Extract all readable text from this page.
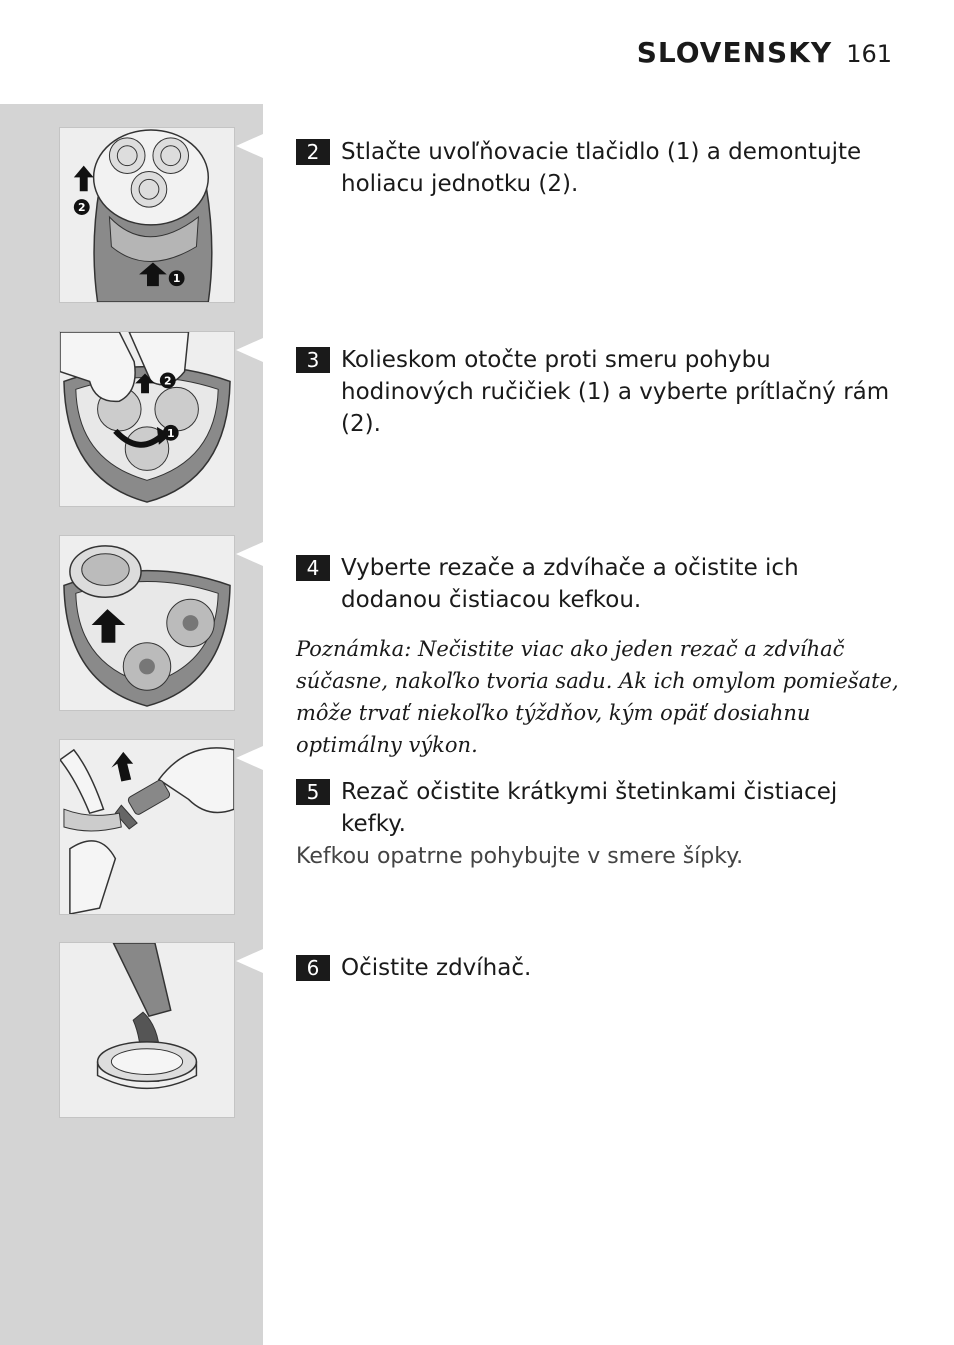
SLOVENSKY 161
2
1
2
1
2 Stlačte uvoľňovacie tlačidlo (1) a demontujte holiacu jednotku (2).
3 Kolieskom otočte proti smeru pohybu hodinových ručičiek (1) a vyberte prítlačný rám (2).
4 Vyberte rezače a zdvíhače a očistite ich dodanou čistiacou kefkou.
Poznámka: Nečistite viac ako jeden rezač a zdvíhač súčasne, nakoľko tvoria sadu. Ak ich omylom pomiešate, môže trvať niekoľko týždňov, kým opäť dosiahnu optimálny výkon.
5 Rezač očistite krátkymi štetinkami čistiacej kefky.
Kefkou opatrne pohybujte v smere šípky.
6 Očistite zdvíhač.
